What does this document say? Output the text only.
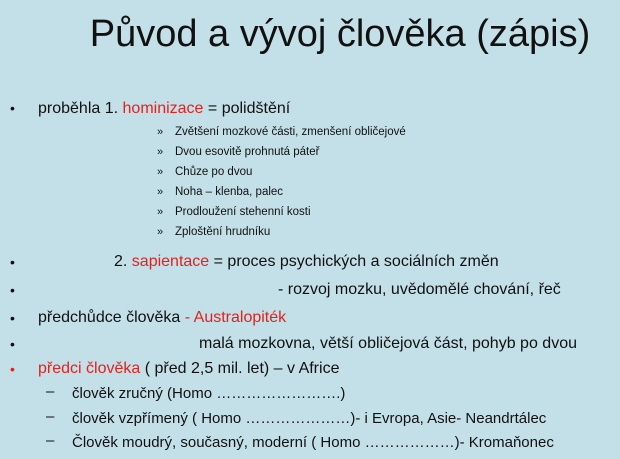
Původ a vývoj člověka (zápis)
• proběhla 1. hominizace = polidštění
» Zvětšení mozkové části, zmenšení obličejové
» Dvou esovitě prohnutá páteř
» Chůze po dvou
» Noha – klenba, palec
» Prodloužení stehenní kosti
» Zploštění hrudníku
•	2. sapientace = proces psychických a sociálních změn
•	- rozvoj mozku, uvědomělé chování, řeč
• předchůdce člověka - Australopiték
•	malá mozkovna, větší obličejová část, pohyb po dvou
• předci člověka ( před 2,5 mil. let) – v Africe
– člověk zručný (Homo …………………….)
– člověk vzpřímený ( Homo …………………)- i Evropa, Asie- Neandrtálec
– Člověk moudrý, současný, moderní ( Homo ………………)- Kromaňonec
